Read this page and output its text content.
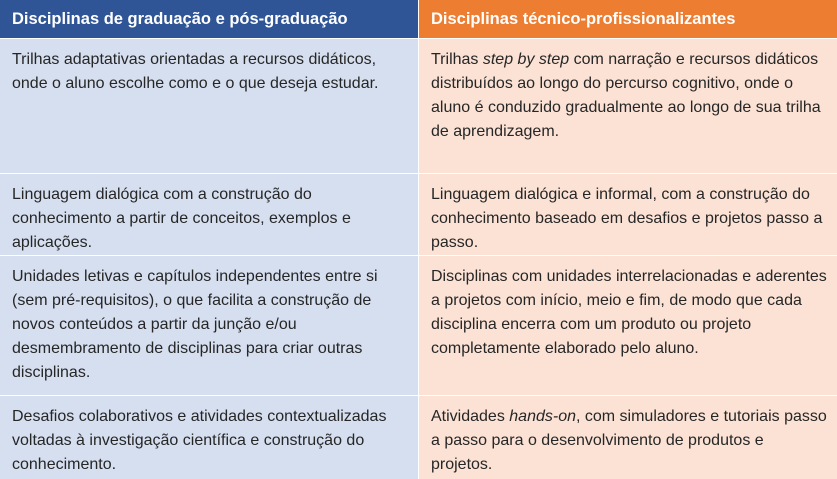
Disciplinas de graduação e pós-graduação	Disciplinas técnico-profissionalizantes
Trilhas adaptativas orientadas a recursos didáticos, onde o aluno escolhe como e o que deseja estudar.
Trilhas step by step com narração e recursos didáticos distribuídos ao longo do percurso cognitivo, onde o aluno é conduzido gradualmente ao longo de sua trilha de aprendizagem.
Linguagem dialógica com a construção do conhecimento a partir de conceitos, exemplos e aplicações.
Linguagem dialógica e informal, com a construção do conhecimento baseado em desafios e projetos passo a passo.
Unidades letivas e capítulos independentes entre si (sem pré-requisitos), o que facilita a construção de novos conteúdos a partir da junção e/ou desmembramento de disciplinas para criar outras disciplinas.
Disciplinas com unidades interrelacionadas e aderentes a projetos com início, meio e fim, de modo que cada disciplina encerra com um produto ou projeto completamente elaborado pelo aluno.
Desafios colaborativos e atividades contextualizadas voltadas à investigação científica e construção do conhecimento.
Atividades hands-on, com simuladores e tutoriais passo a passo para o desenvolvimento de produtos e projetos.
